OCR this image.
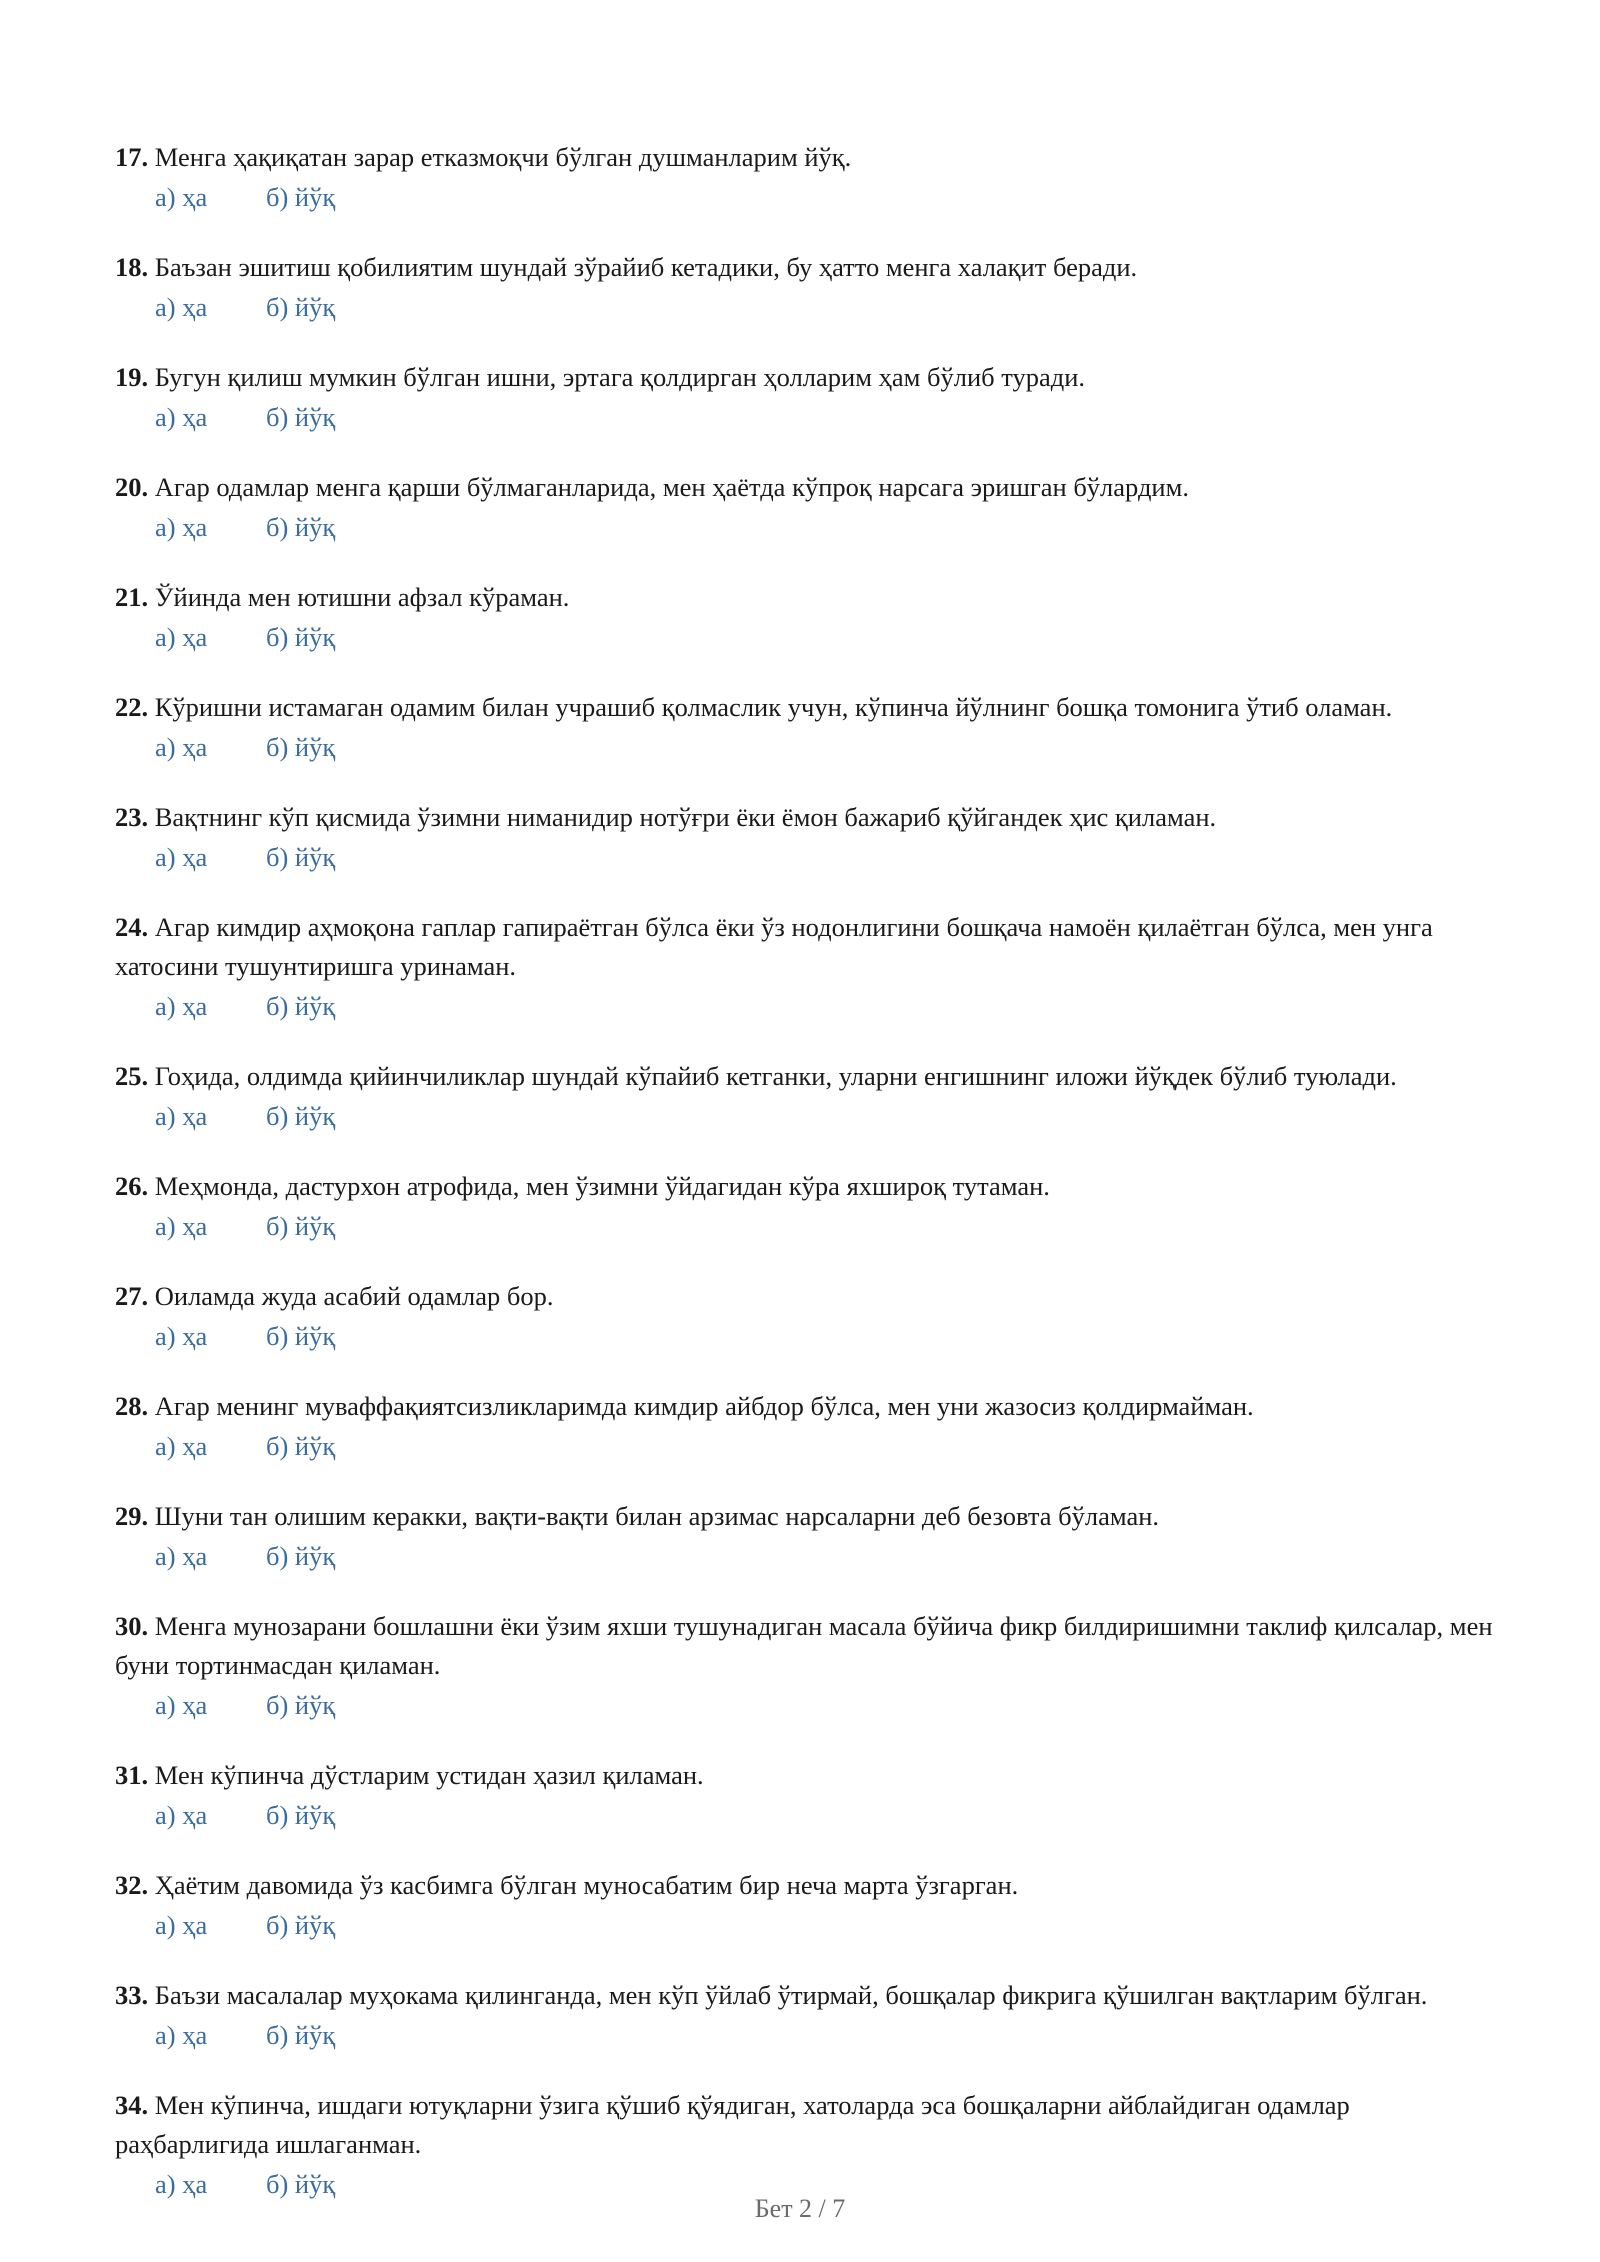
17. Менга ҳақиқатан зарар етказмоқчи бўлган душманларим йўқ.

а) ҳа	б) йўқ

18. Баъзан эшитиш қобилиятим шундай зўрайиб кетадики, бу ҳатто менга халақит беради.

а) ҳа	б) йўқ

19. Бугун қилиш мумкин бўлган ишни, эртага қолдирган ҳолларим ҳам бўлиб туради.

а) ҳа	б) йўқ

20. Агар одамлар менга қарши бўлмаганларида, мен ҳаётда кўпроқ нарсага эришган бўлардим.

а) ҳа	б) йўқ

21. Ўйинда мен ютишни афзал кўраман.

а) ҳа	б) йўқ

22. Кўришни истамаган одамим билан учрашиб қолмаслик учун, кўпинча йўлнинг бошқа томонига ўтиб оламан.

а) ҳа	б) йўқ

23. Вақтнинг кўп қисмида ўзимни ниманидир нотўғри ёки ёмон бажариб қўйгандек ҳис қиламан.

а) ҳа	б) йўқ

24. Агар кимдир аҳмоқона гаплар гапираётган бўлса ёки ўз нодонлигини бошқача намоён қилаётган бўлса, мен унга хатосини тушунтиришга уринаман.

а) ҳа	б) йўқ

25. Гоҳида, олдимда қийинчиликлар шундай кўпайиб кетганки, уларни енгишнинг иложи йўқдек бўлиб туюлади.

а) ҳа	б) йўқ

26. Меҳмонда, дастурхон атрофида, мен ўзимни ўйдагидан кўра яхшироқ тутаман.

а) ҳа	б) йўқ

27. Оиламда жуда асабий одамлар бор.

а) ҳа	б) йўқ

28. Агар менинг муваффақиятсизликларимда кимдир айбдор бўлса, мен уни жазосиз қолдирмайман.

а) ҳа	б) йўқ

29. Шуни тан олишим керакки, вақти-вақти билан арзимас нарсаларни деб безовта бўламан.

а) ҳа	б) йўқ

30. Менга мунозарани бошлашни ёки ўзим яхши тушунадиган масала бўйича фикр билдиришимни таклиф қилсалар, мен буни тортинмасдан қиламан.

а) ҳа	б) йўқ

31. Мен кўпинча дўстларим устидан ҳазил қиламан.

а) ҳа	б) йўқ

32. Ҳаётим давомида ўз касбимга бўлган муносабатим бир неча марта ўзгарган.

а) ҳа	б) йўқ

33. Баъзи масалалар муҳокама қилинганда, мен кўп ўйлаб ўтирмай, бошқалар фикрига қўшилган вақтларим бўлган.

а) ҳа	б) йўқ

34. Мен кўпинча, ишдаги ютуқларни ўзига қўшиб қўядиган, хатоларда эса бошқаларни айблайдиган одамлар раҳбарлигида ишлаганман.

а) ҳа	б) йўқ
Бет 2 / 7
